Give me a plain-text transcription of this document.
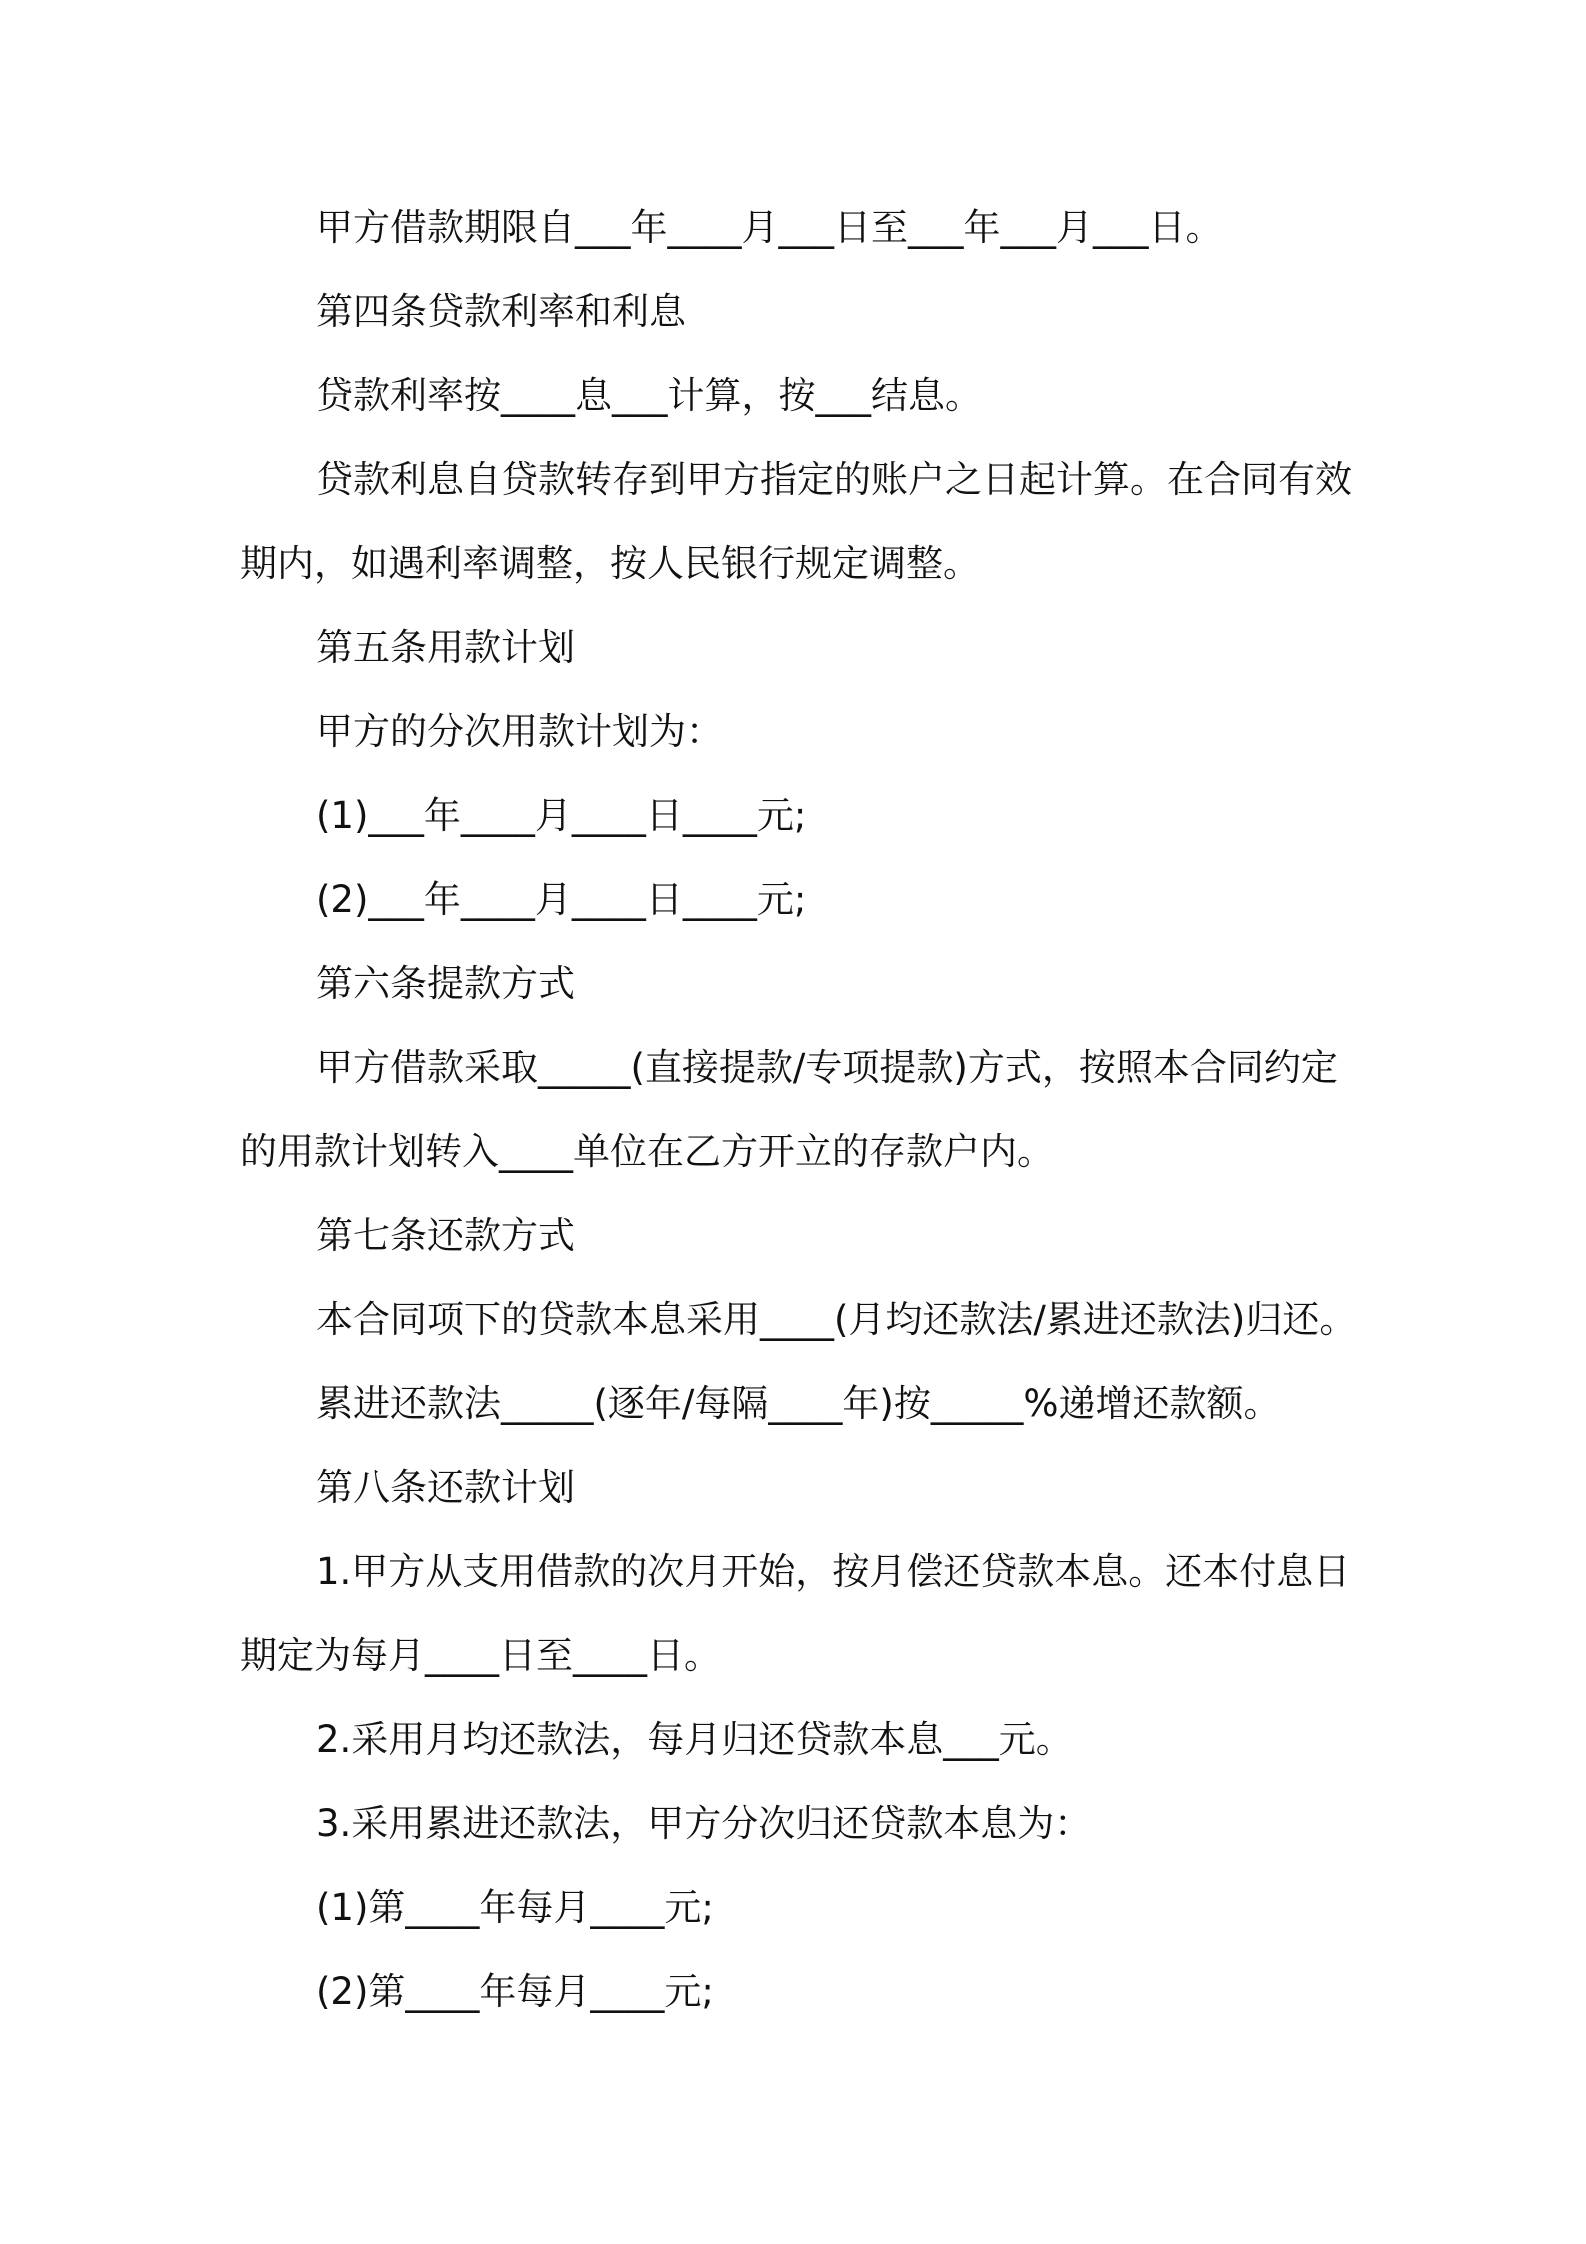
甲方借款期限自___年____月___日至___年___月___日。
第四条贷款利率和利息
贷款利率按____息___计算，按___结息。
贷款利息自贷款转存到甲方指定的账户之日起计算。在合同有效
期内，如遇利率调整，按人民银行规定调整。
第五条用款计划
甲方的分次用款计划为：
(1)___年____月____日____元;
(2)___年____月____日____元;
第六条提款方式
甲方借款采取_____(直接提款/专项提款)方式，按照本合同约定
的用款计划转入____单位在乙方开立的存款户内。
第七条还款方式
本合同项下的贷款本息采用____(月均还款法/累进还款法)归还。
累进还款法_____(逐年/每隔____年)按_____%递增还款额。
第八条还款计划
1.甲方从支用借款的次月开始，按月偿还贷款本息。还本付息日
期定为每月____日至____日。
2.采用月均还款法，每月归还贷款本息___元。
3.采用累进还款法，甲方分次归还贷款本息为：
(1)第____年每月____元;
(2)第____年每月____元;
